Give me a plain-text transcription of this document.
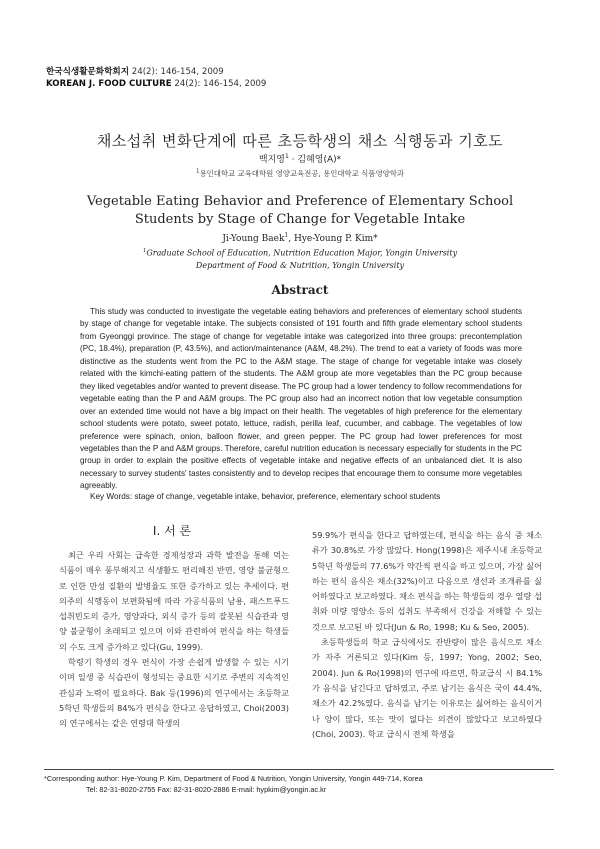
한국식생활문화학회지 24(2): 146-154, 2009
KOREAN J. FOOD CULTURE 24(2): 146-154, 2009
채소섭취 변화단계에 따른 초등학생의 채소 식행동과 기호도
백지영$^1$ · 김혜영(A)*
$^1$용인대학교 교육대학원 영양교육전공, 용인대학교 식품영양학과
Vegetable Eating Behavior and Preference of Elementary School Students by Stage of Change for Vegetable Intake
Ji-Young Baek$^1$, Hye-Young P. Kim*
$^1$Graduate School of Education, Nutrition Education Major, Yongin University
Department of Food & Nutrition, Yongin University
Abstract
This study was conducted to investigate the vegetable eating behaviors and preferences of elementary school students by stage of change for vegetable intake. The subjects consisted of 191 fourth and fifth grade elementary school students from Gyeonggi province. The stage of change for vegetable intake was categorized into three groups: precontemplation (PC, 18.4%), preparation (P, 43.5%), and action/maintenance (A&M, 48.2%). The trend to eat a variety of foods was more distinctive as the students went from the PC to the A&M stage. The stage of change for vegetable intake was closely related with the kimchi-eating pattern of the students. The A&M group ate more vegetables than the PC group because they liked vegetables and/or wanted to prevent disease. The PC group had a lower tendency to follow recommendations for vegetable eating than the P and A&M groups. The PC group also had an incorrect notion that low vegetable consumption over an extended time would not have a big impact on their health. The vegetables of high preference for the elementary school students were potato, sweet potato, lettuce, radish, perilla leaf, cucumber, and cabbage. The vegetables of low preference were spinach, onion, balloon flower, and green pepper. The PC group had lower preferences for most vegetables than the P and A&M groups. Therefore, careful nutrition education is necessary especially for students in the PC group in order to explain the positive effects of vegetable intake and negative effects of an unbalanced diet. It is also necessary to survey students' tastes consistently and to develop recipes that encourage them to consume more vegetables agreeably.
Key Words: stage of change, vegetable intake, behavior, preference, elementary school students
I. 서 론

최근 우리 사회는 급속한 경제성장과 과학 발전을 통해 먹는 식품이 매우 풍부해지고 식생활도 편리해진 반면, 영양 불균형으로 인한 만성 질환의 발병율도 또한 증가하고 있는 추세이다. 편의주의 식행동이 보편화됨에 따라 가공식품의 남용, 패스트푸드 섭취빈도의 증가, 영양과다, 외식 증가 등의 잘못된 식습관과 영양 불균형이 초래되고 있으며 이와 관련하여 편식을 하는 학생들의 수도 크게 증가하고 있다(Gu, 1999).

학령기 학생의 경우 편식이 가장 손쉽게 발생할 수 있는 시기이며 일생 중 식습관이 형성되는 중요한 시기로 주변의 지속적인 관심과 노력이 필요하다. Bak 등(1996)의 연구에서는 초등학교 5학년 학생들의 84%가 편식을 한다고 응답하였고, Choi(2003)의 연구에서는 같은 연령대 학생의

59.9%가 편식을 한다고 답하였는데, 편식을 하는 음식 중 채소류가 30.8%로 가장 많았다. Hong(1998)은 제주시내 초등학교 5학년 학생들의 77.6%가 약간씩 편식을 하고 있으며, 가장 싫어하는 편식 음식은 채소(32%)이고 다음으로 생선과 조개류를 싫어하였다고 보고하였다. 채소 편식을 하는 학생들의 경우 열량 섭취와 미량 영양소 등의 섭취도 부족해서 건강을 저해할 수 있는 것으로 보고된 바 있다(Jun & Ro, 1998; Ku & Seo, 2005).

초등학생들의 학교 급식에서도 잔반량이 많은 음식으로 채소가 자주 거론되고 있다(Kim 등, 1997; Yong, 2002; Seo, 2004). Jun & Ro(1998)의 연구에 따르면, 학교급식 시 84.1%가 음식을 남긴다고 답하였고, 주로 남기는 음식은 국이 44.4%, 채소가 42.2%였다. 음식을 남기는 이유로는 싫어하는 음식이거나 양이 많다, 또는 맛이 없다는 의견이 많았다고 보고하였다(Choi, 2003). 학교 급식시 전체 학생을

*Corresponding author: Hye-Young P. Kim, Department of Food & Nutrition, Yongin University, Yongin 449-714, Korea
Tel: 82-31-8020-2755 Fax: 82-31-8020-2886 E-mail: hypkim@yongin.ac.kr
